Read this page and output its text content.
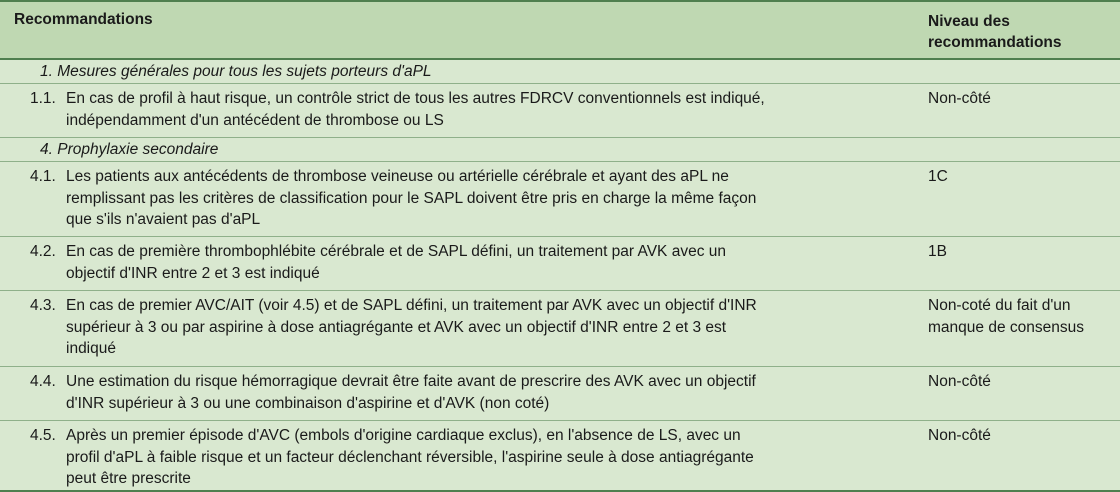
Recommandations	Niveau des
recommandations
1. Mesures générales pour tous les sujets porteurs d'aPL
1.1. En cas de profil à haut risque, un contrôle strict de tous les autres FDRCV conventionnels est indiqué,
indépendamment d'un antécédent de thrombose ou LS
Non-côté
4. Prophylaxie secondaire
4.1. Les patients aux antécédents de thrombose veineuse ou artérielle cérébrale et ayant des aPL ne
remplissant pas les critères de classification pour le SAPL doivent être pris en charge la même façon
que s'ils n'avaient pas d'aPL
1C
4.2. En cas de première thrombophlébite cérébrale et de SAPL défini, un traitement par AVK avec un
objectif d'INR entre 2 et 3 est indiqué
1B
4.3. En cas de premier AVC/AIT (voir 4.5) et de SAPL défini, un traitement par AVK avec un objectif d'INR
supérieur à 3 ou par aspirine à dose antiagrégante et AVK avec un objectif d'INR entre 2 et 3 est
indiqué
Non-coté du fait d'un
manque de consensus
4.4. Une estimation du risque hémorragique devrait être faite avant de prescrire des AVK avec un objectif
d'INR supérieur à 3 ou une combinaison d'aspirine et d'AVK (non coté)
Non-côté
4.5. Après un premier épisode d'AVC (embols d'origine cardiaque exclus), en l'absence de LS, avec un
profil d'aPL à faible risque et un facteur déclenchant réversible, l'aspirine seule à dose antiagrégante
peut être prescrite
Non-côté
